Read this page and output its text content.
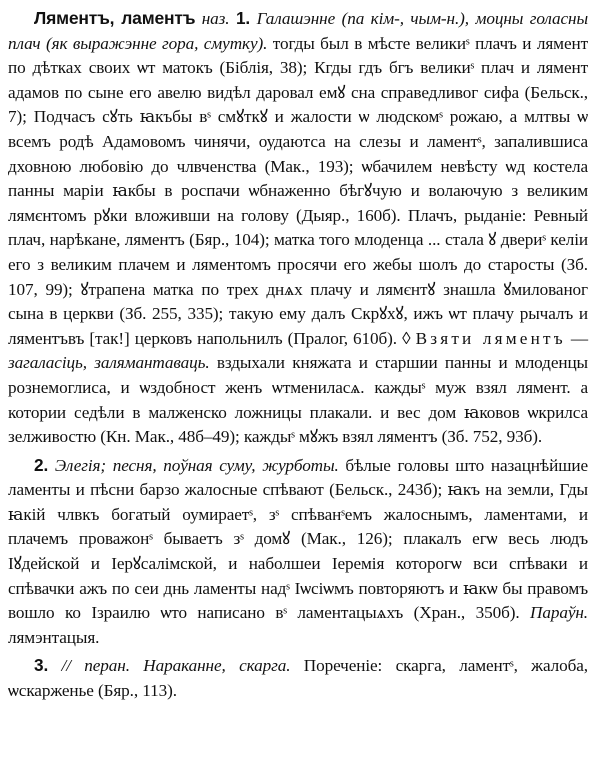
Ляментъ, ламентъ наз. 1. Галашэнне (па кім-, чым-н.), моцны голасны плач (як выражэнне гора, смутку). тогды был в мѣсте великиˢ плачъ и лямент по дѣтках своих ѡт матокъ (Біблія, 38); Кгды гдъ бгъ великиˢ плач и лямент адамов по сыне его авелю видѣл даровал емꙋ сна справедливог сифа (Бельск., 7); Подчасъ сꙋть ꙗкъбы вˢ смꙋткꙋ и жалости ѡ людскомˢ рожаю, а млтвы ѡ всемъ родѣ Адамовомъ чинячи, оудаютса на слезы и ламентˢ, запалившиса дховною любовію до члвченства (Мак., 193); ѡбачилем невѣсту ѡд костела панны маріи ꙗкбы в роспачи ѡбнаженно бѣгꙋчую и волаючую з великим лямєнтомъ рꙋки вложивши на голову (Дыяр., 160б). Плачъ, рыданіе: Ревный плач, нарѣкане, ляментъ (Бяр., 104); матка того млоденца ... стала ꙋ двериˢ келіи его з великим плачем и ляментомъ просячи его жебы шолъ до старосты (Зб. 107, 99); ꙋтрапена матка по трех днѧх плачу и лямєнтꙋ знашла ꙋмилованог сына в церкви (Зб. 255, 335); такую ему далъ Скрꙋхꙋ, ижъ ѡт плачу рычалъ и ляментъвъ [так!] церковъ напольнилъ (Пралог, 610б). ◊ Взяти ляментъ — загаласіць, залямантаваць. вздыхали княжата и старшии панны и млоденцы рознемоглиса, и ѡздобност женъ ѡтмениласѧ. каждыˢ муж взял лямент. а котории седѣли в малженско ложницы плакали. и вес дом ꙗковов ѡкрилса зелживостю (Кн. Мак., 48б–49); каждыˢ мꙋжъ взял ляментъ (Зб. 752, 93б).

2. Элегія; песня, поўная суму, журботы. бѣлые головы што назацнѣйшие ламенты и пѣсни барзо жалосные спѣвают (Бельск., 243б); ꙗкъ на земли, Гды ꙗкій члвкъ богатый оумираетˢ, зˢ спѣванˢемъ жалоснымъ, ламентами, и плачемъ проважонˢ бываетъ зˢ домꙋ (Мак., 126); плакалъ егѡ весь людъ Іꙋдейской и Іерꙋсалімской, и наболшеи Іеремія которогѡ вси спѣваки и спѣвачки ажъ по сеи днь ламенты надˢ Іѡсіѡмъ повторяютъ и ꙗкѡ бы правомъ вошло ко Ізраилю ѡто написано вˢ ламентацыѧхъ (Хран., 350б). Параўн. лямэнтацыя.

3. // перан. Нараканне, скарга. Пореченіе: скарга, ламентˢ, жалоба, ѡскарженье (Бяр., 113).
